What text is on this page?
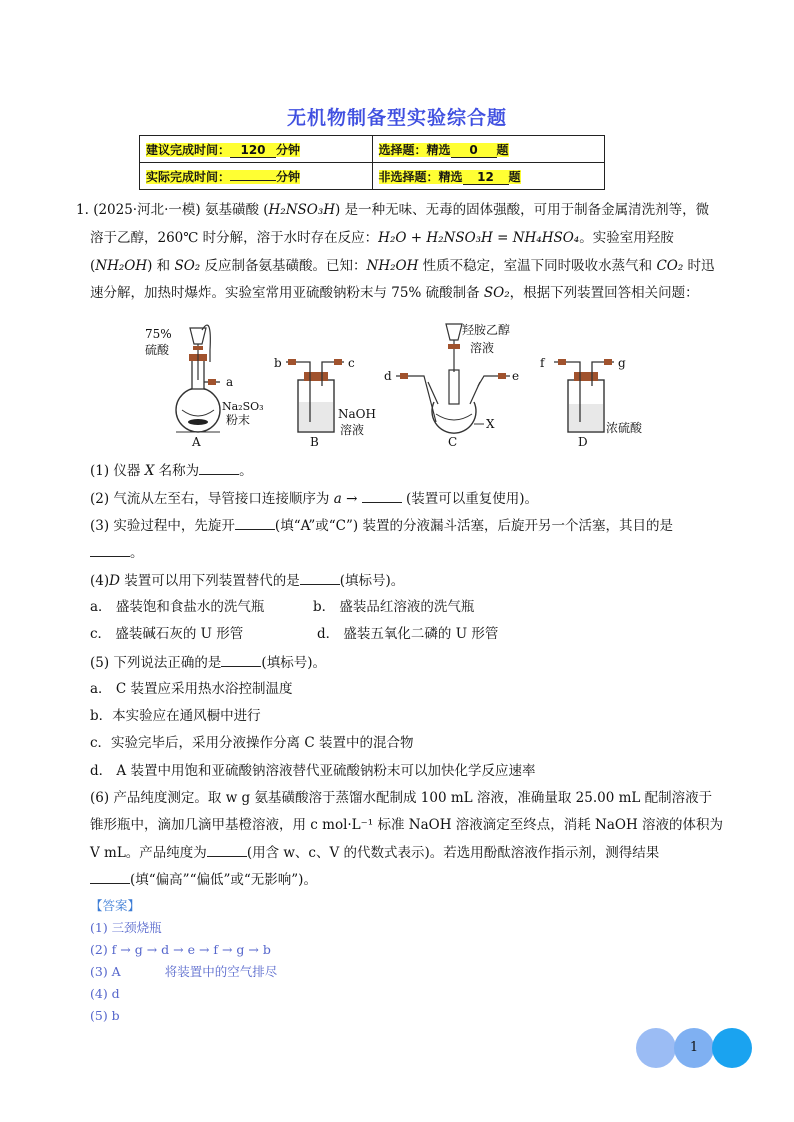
无机物制备型实验综合题
建议完成时间： 120 分钟	选择题：精选 0 题
实际完成时间： 分钟	非选择题：精选 12 题
1. (2025·河北·一模) 氨基磺酸 (H₂NSO₃H) 是一种无味、无毒的固体强酸，可用于制备金属清洗剂等，微
溶于乙醇，260℃ 时分解，溶于水时存在反应：H₂O + H₂NSO₃H = NH₄HSO₄。实验室用羟胺
(NH₂OH) 和 SO₂ 反应制备氨基磺酸。已知：NH₂OH 性质不稳定，室温下同时吸收水蒸气和 CO₂ 时迅
速分解，加热时爆炸。实验室常用亚硫酸钠粉末与 75% 硫酸制备 SO₂，根据下列装置回答相关问题：
75%
硫酸
a
Na₂SO₃
粉末
A
b	c
NaOH
溶液
B
羟胺乙醇
溶液
d	e
X
C
f	g
浓硫酸
D
(1) 仪器 X 名称为	。
(2) 气流从左至右，导管接口连接顺序为 a →	(装置可以重复使用)。
(3) 实验过程中，先旋开	(填“A”或“C”) 装置的分液漏斗活塞，后旋开另一个活塞，其目的是
。
(4)D 装置可以用下列装置替代的是	(填标号)。
a． 盛装饱和食盐水的洗气瓶	b． 盛装品红溶液的洗气瓶
c． 盛装碱石灰的 U 形管	d． 盛装五氧化二磷的 U 形管
(5) 下列说法正确的是	(填标号)。
a． C 装置应采用热水浴控制温度
b．本实验应在通风橱中进行
c．实验完毕后，采用分液操作分离 C 装置中的混合物
d． A 装置中用饱和亚硫酸钠溶液替代亚硫酸钠粉末可以加快化学反应速率
(6) 产品纯度测定。取 w g 氨基磺酸溶于蒸馏水配制成 100 mL 溶液，准确量取 25.00 mL 配制溶液于
锥形瓶中，滴加几滴甲基橙溶液，用 c mol·L⁻¹ 标准 NaOH 溶液滴定至终点，消耗 NaOH 溶液的体积为
V mL。产品纯度为	(用含 w、c、V 的代数式表示)。若选用酚酞溶液作指示剂，测得结果
(填“偏高”“偏低”或“无影响”)。
【答案】
(1) 三颈烧瓶
(2) f → g → d → e → f → g → b
(3) A	将装置中的空气排尽
(4) d
(5) b
1
